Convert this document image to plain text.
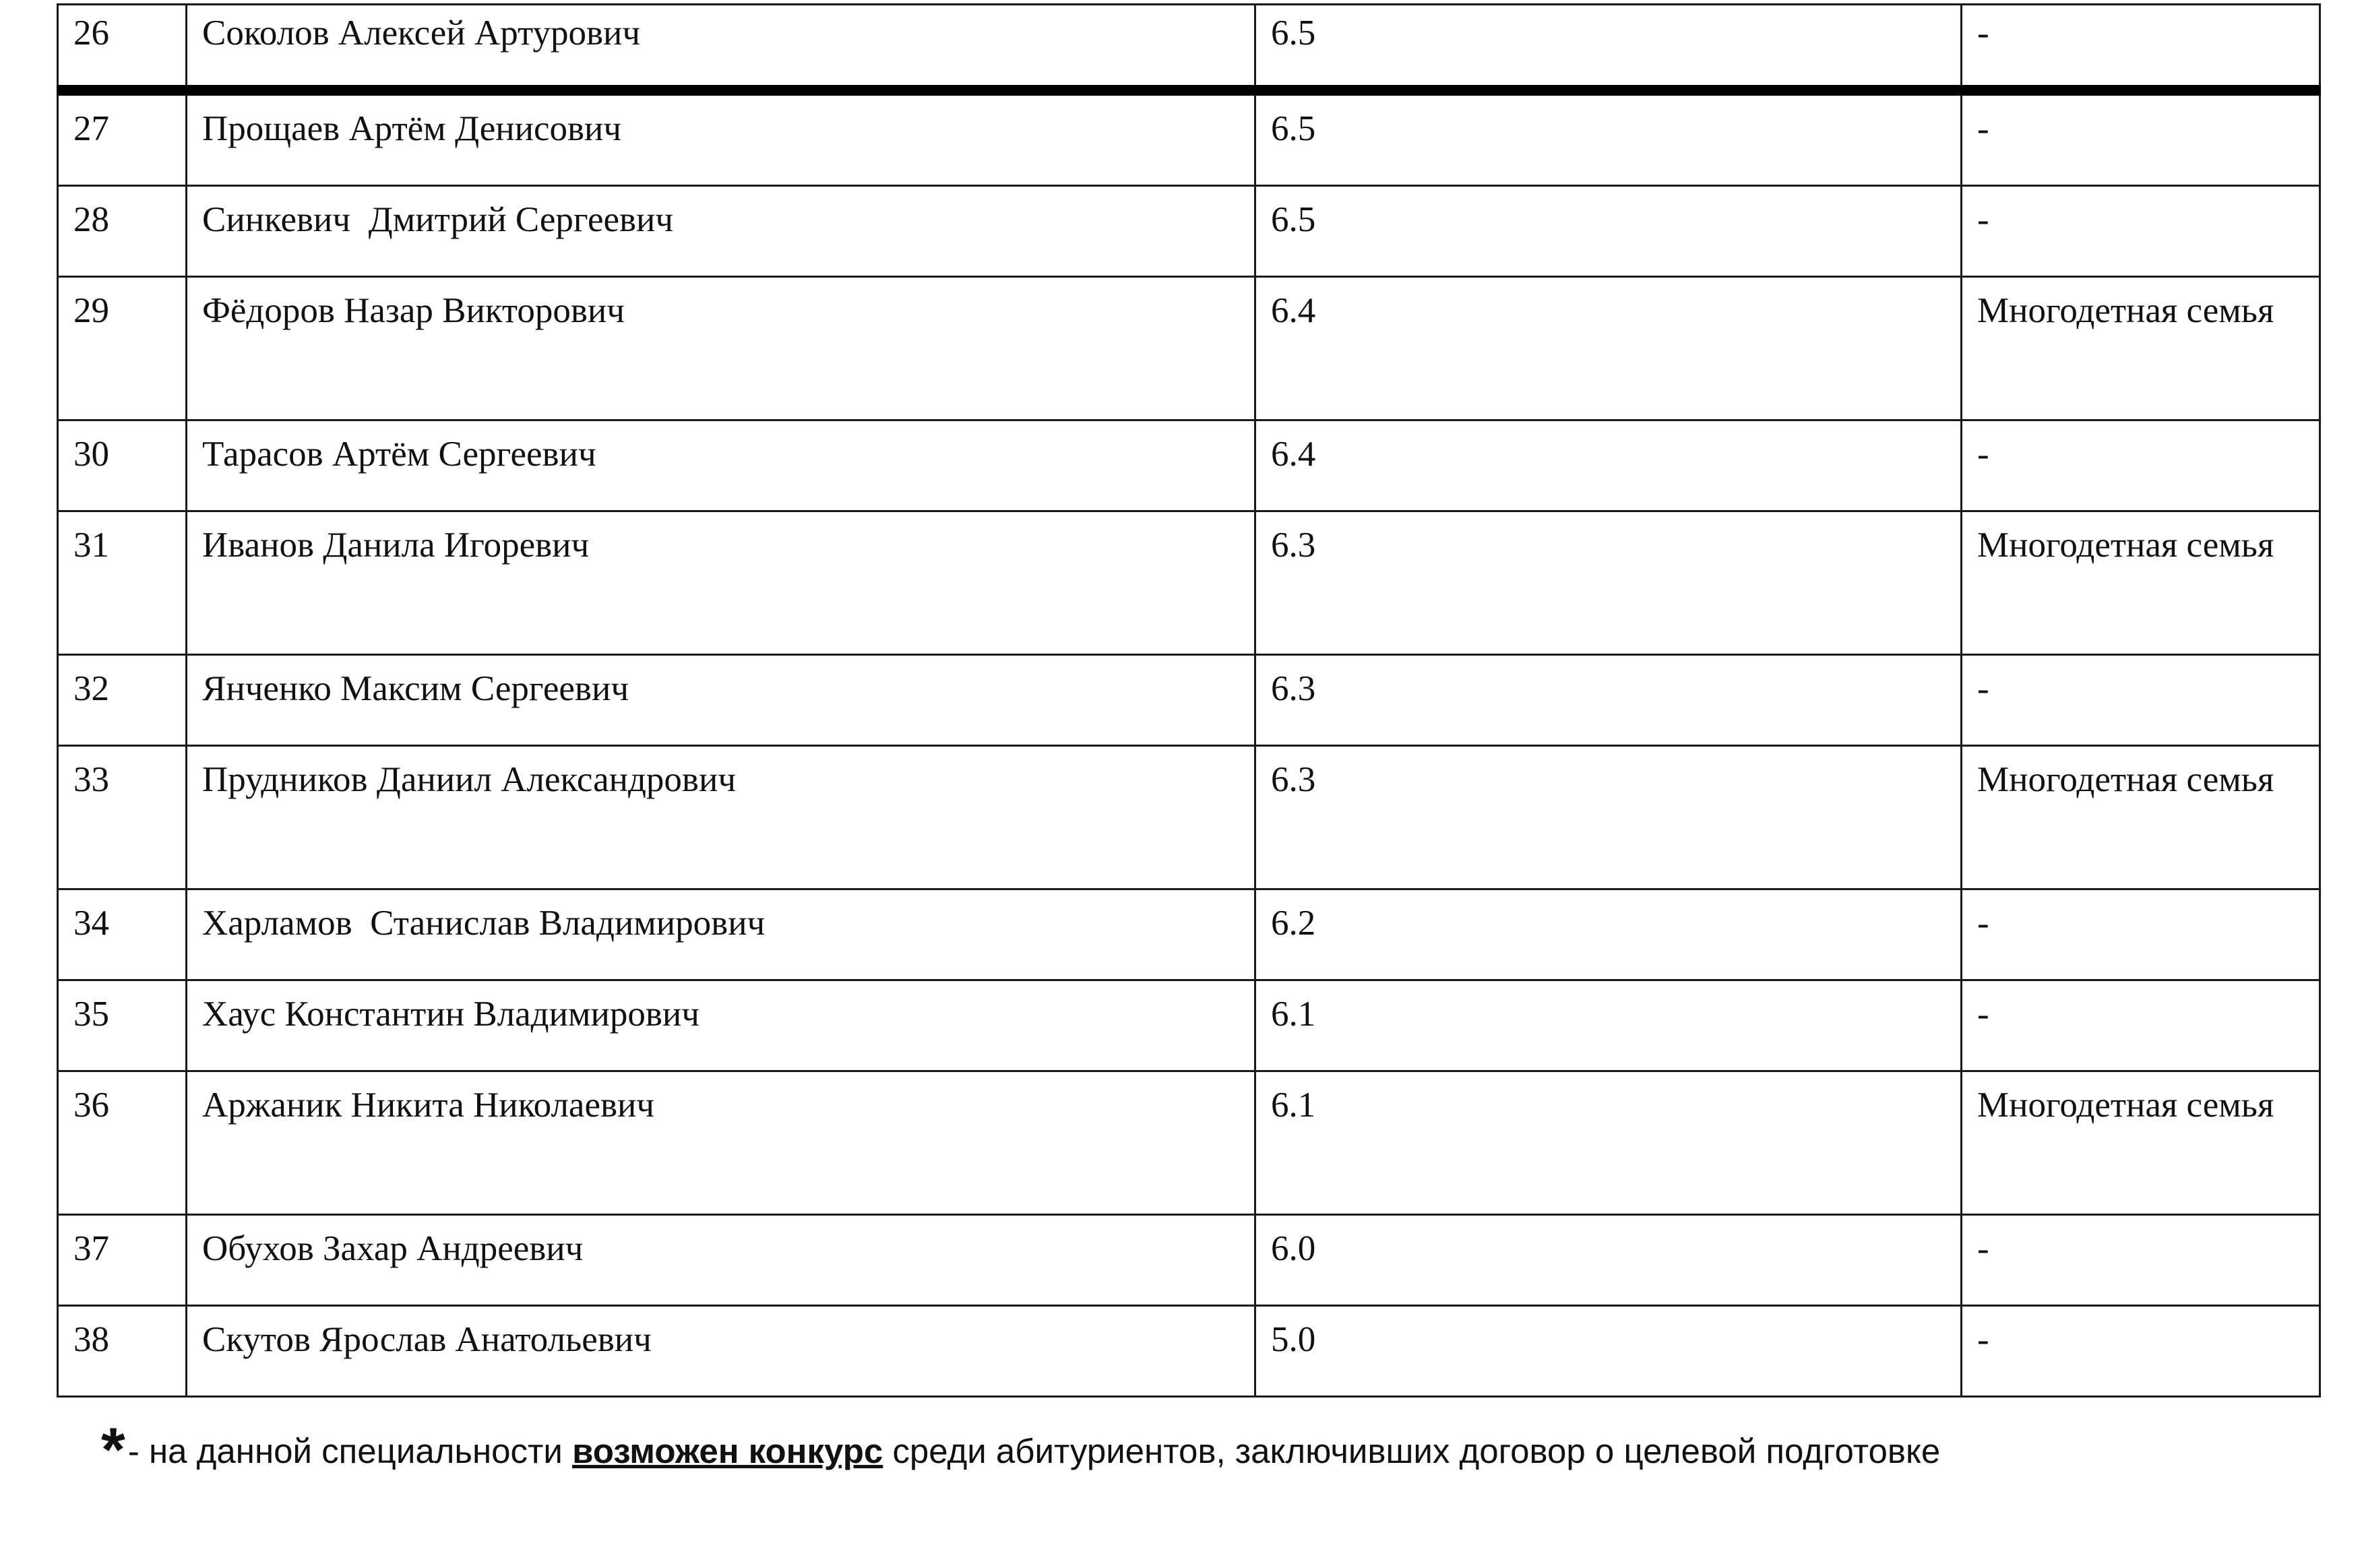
26	Соколов Алексей Артурович	6.5	-
27	Прощаев Артём Денисович	6.5	-
28	Синкевич  Дмитрий Сергеевич	6.5	-
29	Фёдоров Назар Викторович	6.4	Многодетная семья
30	Тарасов Артём Сергеевич	6.4	-
31	Иванов Данила Игоревич	6.3	Многодетная семья
32	Янченко Максим Сергеевич	6.3	-
33	Прудников Даниил Александрович	6.3	Многодетная семья
34	Харламов  Станислав Владимирович	6.2	-
35	Хаус Константин Владимирович	6.1	-
36	Аржаник Никита Николаевич	6.1	Многодетная семья
37	Обухов Захар Андреевич	6.0	-
38	Скутов Ярослав Анатольевич	5.0	-
*- на данной специальности возможен конкурс среди абитуриентов, заключивших договор о целевой подготовке
